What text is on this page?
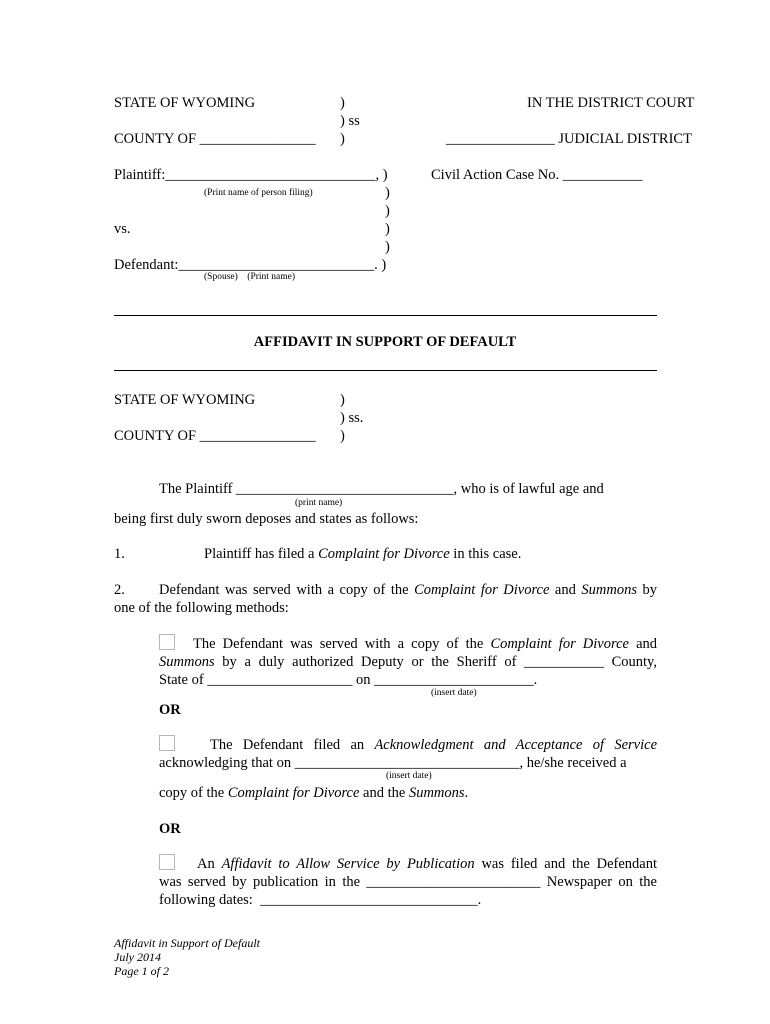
STATE OF WYOMING	)	IN THE DISTRICT COURT
) ss
COUNTY OF ________________ )	_______________ JUDICIAL DISTRICT
Plaintiff:_____________________________, )	Civil Action Case No. ___________
(Print name of person filing)	)
)
vs.	)
)
Defendant:___________________________. )
(Spouse)    (Print name)
AFFIDAVIT IN SUPPORT OF DEFAULT
STATE OF WYOMING	)
) ss.
COUNTY OF ________________ )
The Plaintiff ______________________________, who is of lawful age and
(print name)
being first duly sworn deposes and states as follows:
1.	Plaintiff has filed a Complaint for Divorce in this case.
2. Defendant was served with a copy of the Complaint for Divorce and Summons by
one of the following methods:
The Defendant was served with a copy of the Complaint for Divorce and
Summons by a duly authorized Deputy or the Sheriff of ___________ County,
State of ____________________ on ______________________.
(insert date)
OR
The Defendant filed an Acknowledgment and Acceptance of Service
acknowledging that on _______________________________, he/she received a
(insert date)
copy of the Complaint for Divorce and the Summons.
OR
An Affidavit to Allow Service by Publication was filed and the Defendant
was served by publication in the ________________________ Newspaper on the
following dates:  ______________________________.
Affidavit in Support of Default
July 2014
Page 1 of 2
